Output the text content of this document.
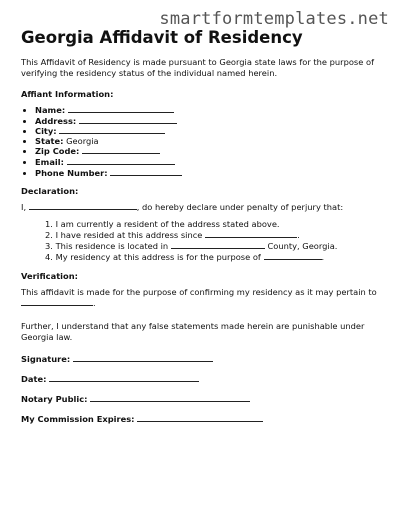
smartformtemplates.net
Georgia Affidavit of Residency

This Affidavit of Residency is made pursuant to Georgia state laws for the purpose of verifying the residency status of the individual named herein.

Affiant Information:

• Name:
• Address:
• City:
• State: Georgia
• Zip Code:
• Email:
• Phone Number:

Declaration:

I,	, do hereby declare under penalty of perjury that:

1. I am currently a resident of the address stated above.
2. I have resided at this address since	.
3. This residence is located in	County, Georgia.
4. My residency at this address is for the purpose of	.

Verification:

This affidavit is made for the purpose of confirming my residency as it may pertain to .

Further, I understand that any false statements made herein are punishable under Georgia law.

Signature:

Date:

Notary Public:

My Commission Expires:
